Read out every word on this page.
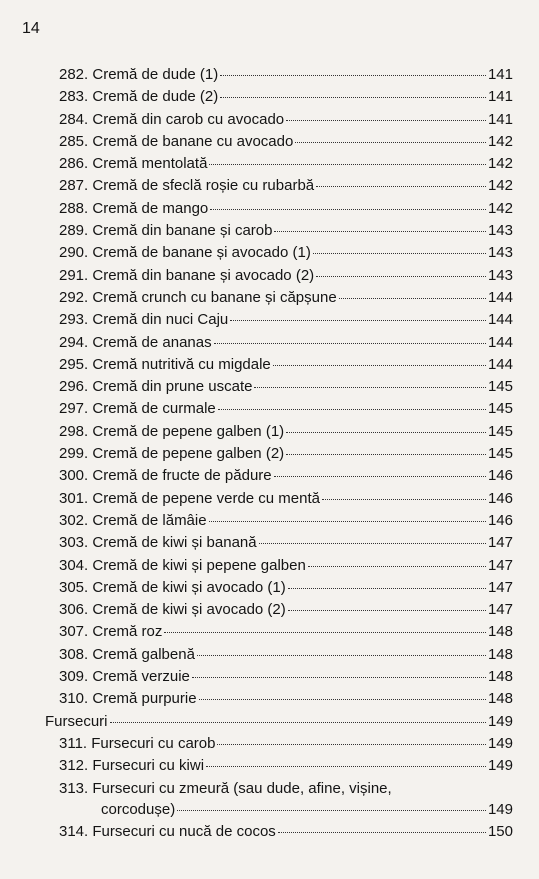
14
282. Cremă de dude (1)	141
283. Cremă de dude (2)	141
284. Cremă din carob cu avocado	141
285. Cremă de banane cu avocado	142
286. Cremă mentolată	142
287. Cremă de sfeclă roșie cu rubarbă	142
288. Cremă de mango	142
289. Cremă din banane și carob	143
290. Cremă de banane și avocado (1)	143
291. Cremă din banane și avocado (2)	143
292. Cremă crunch cu banane și căpșune	144
293. Cremă din nuci Caju	144
294. Cremă de ananas	144
295. Cremă nutritivă cu migdale	144
296. Cremă din prune uscate	145
297. Cremă de curmale	145
298. Cremă de pepene galben (1)	145
299. Cremă de pepene galben (2)	145
300. Cremă de fructe de pădure	146
301. Cremă de pepene verde cu mentă	146
302. Cremă de lămâie	146
303. Cremă de kiwi și banană	147
304. Cremă de kiwi și pepene galben	147
305. Cremă de kiwi și avocado (1)	147
306. Cremă de kiwi și avocado (2)	147
307. Cremă roz	148
308. Cremă galbenă	148
309. Cremă verzuie	148
310. Cremă purpurie	148
Fursecuri	149
311. Fursecuri cu carob	149
312. Fursecuri cu kiwi	149
313. Fursecuri cu zmeură (sau dude, afine, vișine,
corcodușe)	149
314. Fursecuri cu nucă de cocos	150
